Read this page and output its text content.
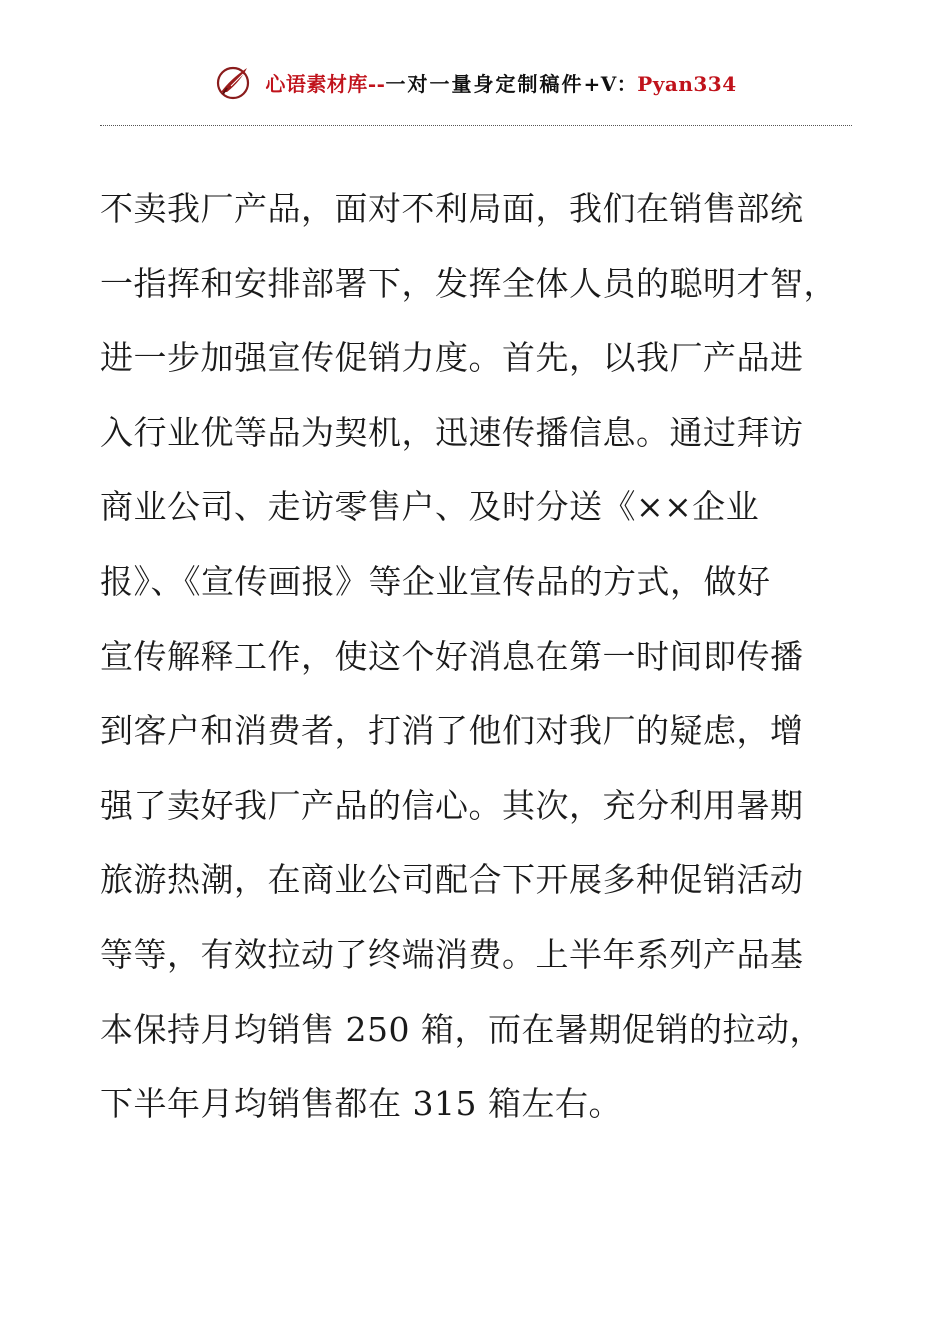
心语素材库--一对一量身定制稿件+V：Pyan334
不卖我厂产品，面对不利局面，我们在销售部统
一指挥和安排部署下，发挥全体人员的聪明才智，
进一步加强宣传促销力度。首先，以我厂产品进
入行业优等品为契机，迅速传播信息。通过拜访
商业公司、走访零售户、及时分送《××企业
报》、《宣传画报》等企业宣传品的方式，做好
宣传解释工作，使这个好消息在第一时间即传播
到客户和消费者，打消了他们对我厂的疑虑，增
强了卖好我厂产品的信心。其次，充分利用暑期
旅游热潮，在商业公司配合下开展多种促销活动
等等，有效拉动了终端消费。上半年系列产品基
本保持月均销售 250 箱，而在暑期促销的拉动，
下半年月均销售都在 315 箱左右。
